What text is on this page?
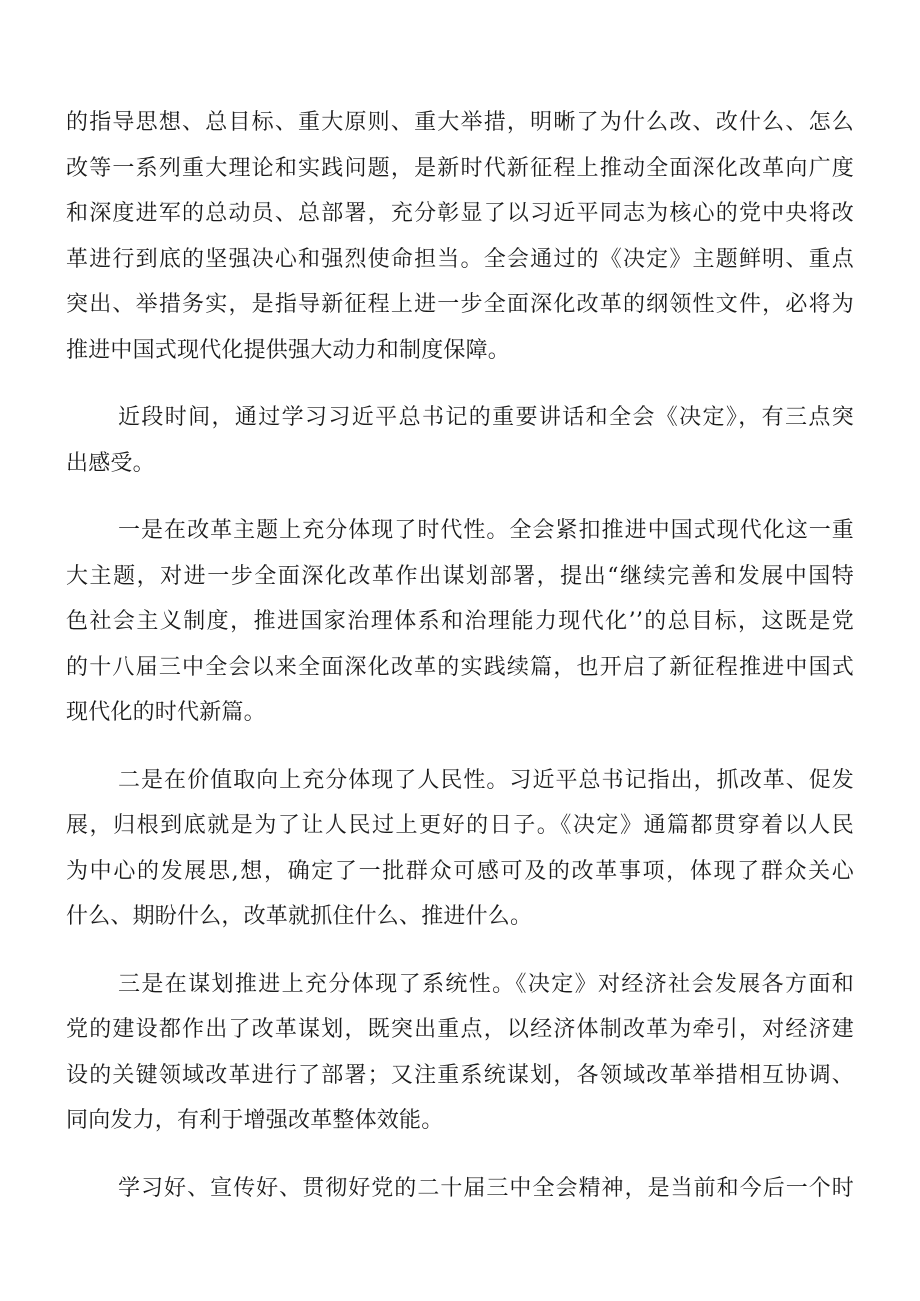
的指导思想、总目标、重大原则、重大举措，明晰了为什么改、改什么、怎么
改等一系列重大理论和实践问题，是新时代新征程上推动全面深化改革向广度
和深度进军的总动员、总部署，充分彰显了以习近平同志为核心的党中央将改
革进行到底的坚强决心和强烈使命担当。全会通过的《决定》主题鲜明、重点
突出、举措务实，是指导新征程上进一步全面深化改革的纲领性文件，必将为
推进中国式现代化提供强大动力和制度保障。

近段时间，通过学习习近平总书记的重要讲话和全会《决定》，有三点突
出感受。

一是在改革主题上充分体现了时代性。全会紧扣推进中国式现代化这一重
大主题，对进一步全面深化改革作出谋划部署，提出“继续完善和发展中国特
色社会主义制度，推进国家治理体系和治理能力现代化’’的总目标，这既是党
的十八届三中全会以来全面深化改革的实践续篇，也开启了新征程推进中国式
现代化的时代新篇。

二是在价值取向上充分体现了人民性。习近平总书记指出，抓改革、促发
展，归根到底就是为了让人民过上更好的日子。《决定》通篇都贯穿着以人民
为中心的发展思,想，确定了一批群众可感可及的改革事项，体现了群众关心
什么、期盼什么，改革就抓住什么、推进什么。

三是在谋划推进上充分体现了系统性。《决定》对经济社会发展各方面和
党的建设都作出了改革谋划，既突出重点，以经济体制改革为牵引，对经济建
设的关键领域改革进行了部署；又注重系统谋划，各领域改革举措相互协调、
同向发力，有利于增强改革整体效能。

学习好、宣传好、贯彻好党的二十届三中全会精神，是当前和今后一个时
